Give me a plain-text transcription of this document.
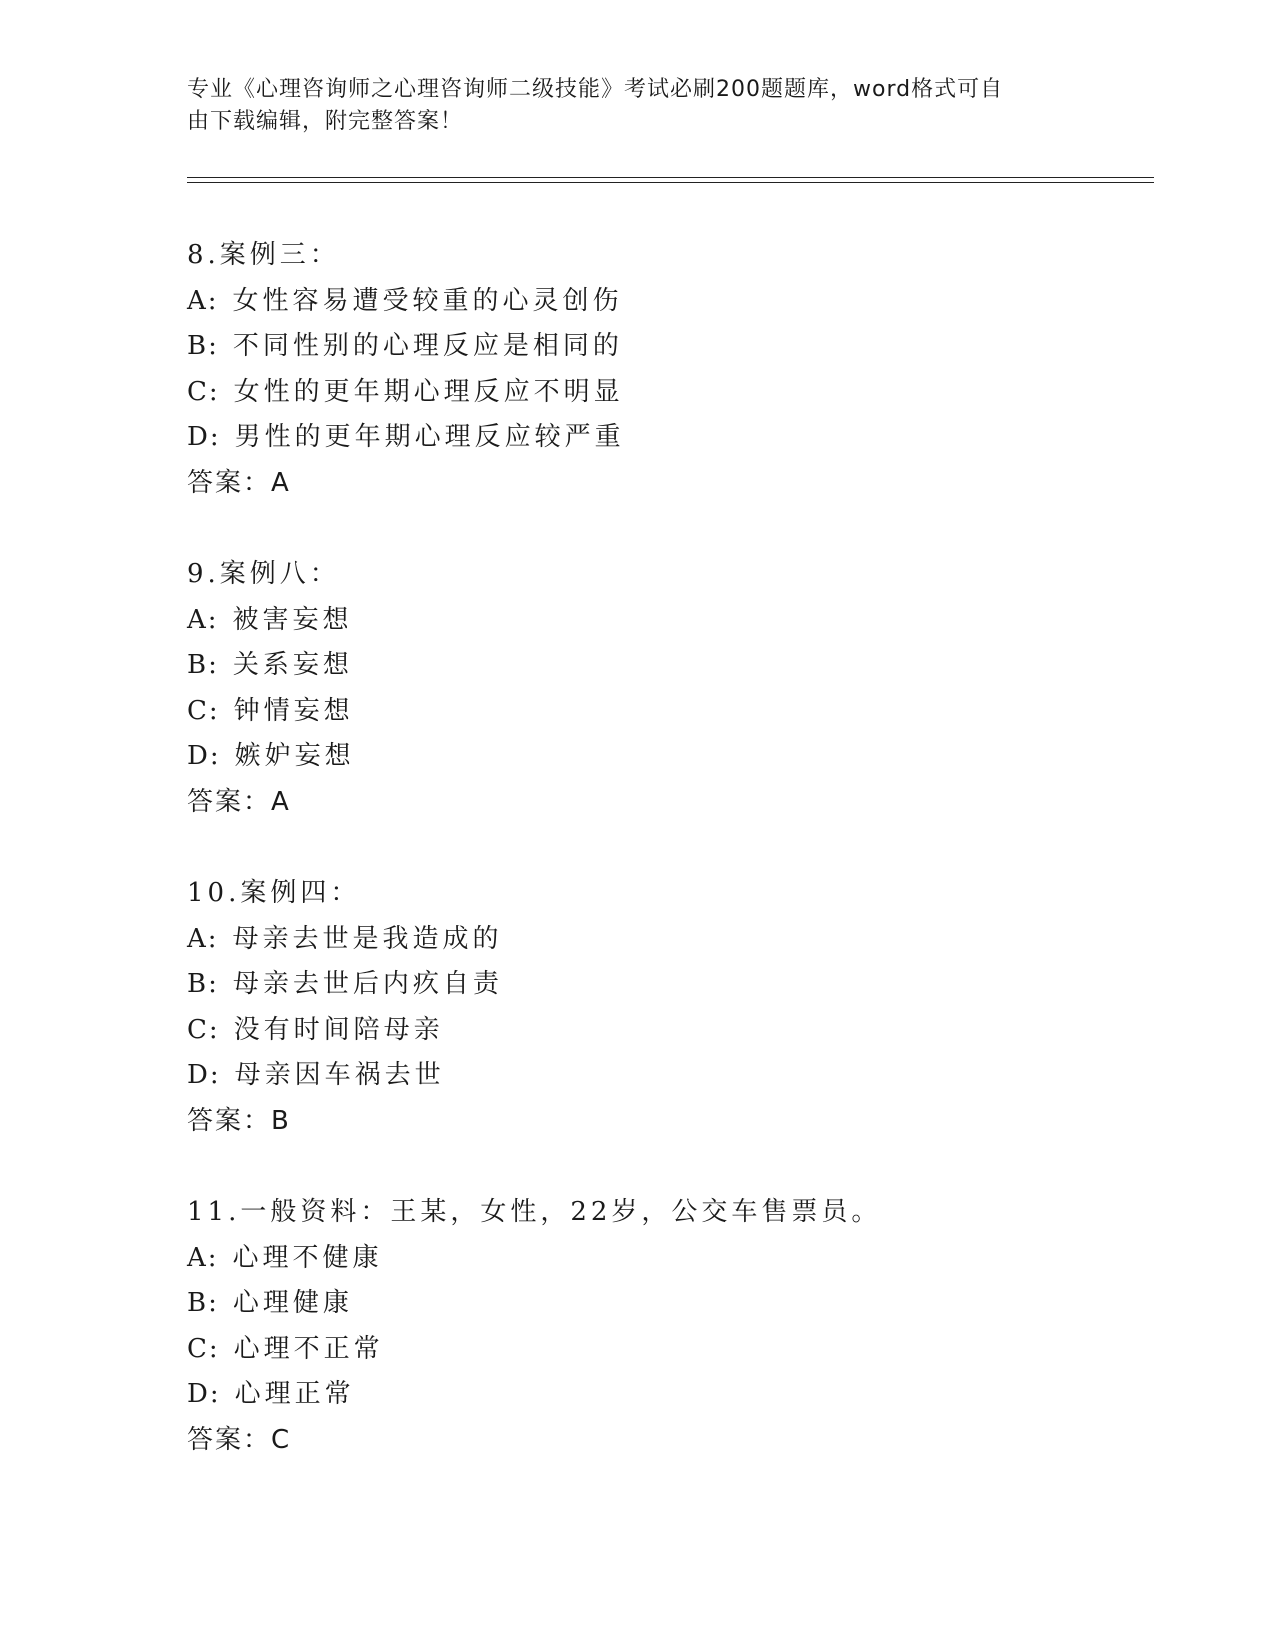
专业《心理咨询师之心理咨询师二级技能》考试必刷200题题库，word格式可自
由下载编辑，附完整答案！
8.案例三：
A: 女性容易遭受较重的心灵创伤
B: 不同性别的心理反应是相同的
C: 女性的更年期心理反应不明显
D: 男性的更年期心理反应较严重
答案：A
9.案例八：
A: 被害妄想
B: 关系妄想
C: 钟情妄想
D: 嫉妒妄想
答案：A
10.案例四：
A: 母亲去世是我造成的
B: 母亲去世后内疚自责
C: 没有时间陪母亲
D: 母亲因车祸去世
答案：B
11.一般资料：王某，女性，22岁，公交车售票员。
A: 心理不健康
B: 心理健康
C: 心理不正常
D: 心理正常
答案：C
